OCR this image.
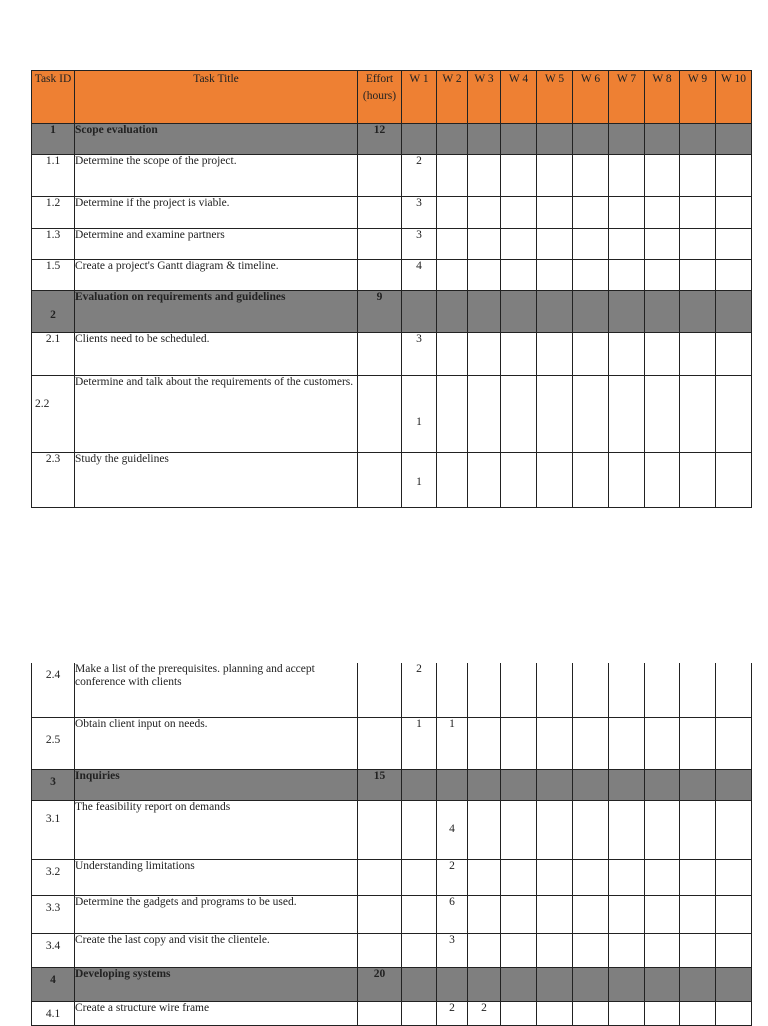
Task ID	Task Title	Effort (hours)	W 1	W 2	W 3	W 4	W 5	W 6	W 7	W 8	W 9	W 10
1	Scope evaluation	12										
1.1	Determine the scope of the project.		2									
1.2	Determine if the project is viable.		3									
1.3	Determine and examine partners		3									
1.5	Create a project's Gantt diagram & timeline.		4									
2	Evaluation on requirements and guidelines	9										
2.1	Clients need to be scheduled.		3									
2.2	Determine and talk about the requirements of the customers.		1									
2.3	Study the guidelines		1									
2.4	Make a list of the prerequisites. planning and accept conference with clients		2									
2.5	Obtain client input on needs.		1	1								
3	Inquiries	15										
3.1	The feasibility report on demands			4								
3.2	Understanding limitations			2								
3.3	Determine the gadgets and programs to be used.			6								
3.4	Create the last copy and visit the clientele.			3								
4	Developing systems	20										
4.1	Create a structure wire frame			2	2							
